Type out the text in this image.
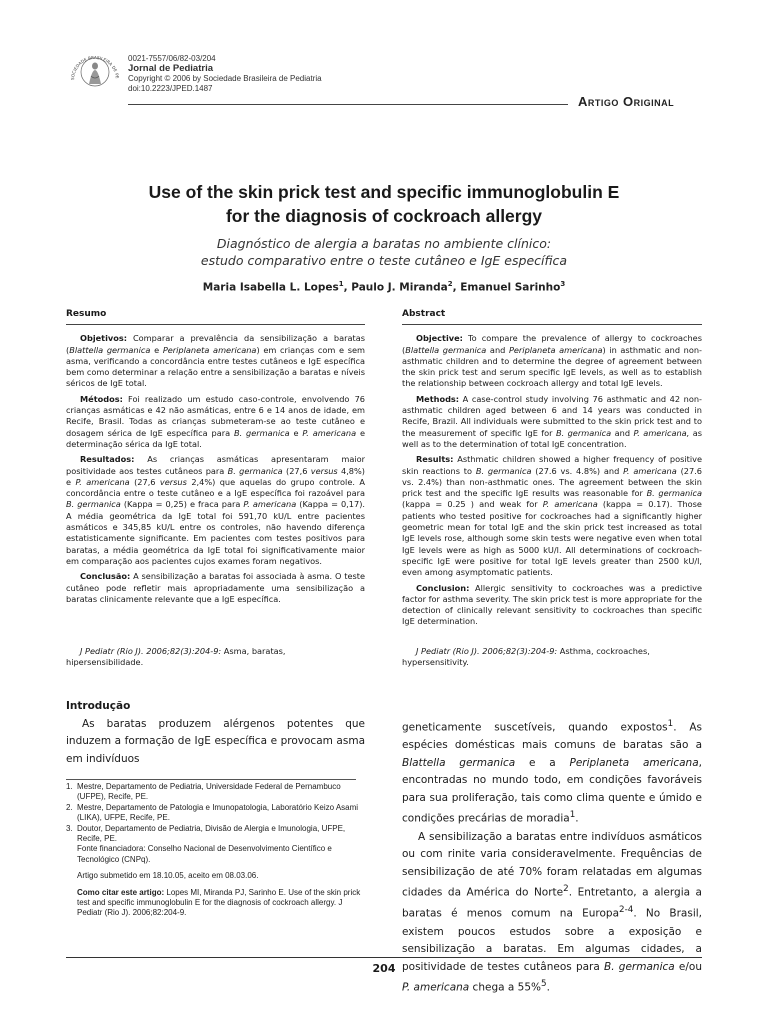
SOCIEDADE BRASILEIRA DE PE
0021-7557/06/82-03/204
Jornal de Pediatria
Copyright © 2006 by Sociedade Brasileira de Pediatria
doi:10.2223/JPED.1487
Artigo Original
Use of the skin prick test and specific immunoglobulin E
for the diagnosis of cockroach allergy
Diagnóstico de alergia a baratas no ambiente clínico:
estudo comparativo entre o teste cutâneo e IgE específica
Maria Isabella L. Lopes$^1$, Paulo J. Miranda$^2$, Emanuel Sarinho$^3$
Resumo

Objetivos: Comparar a prevalência da sensibilização a baratas (Blattella germanica e Periplaneta americana) em crianças com e sem asma, verificando a concordância entre testes cutâneos e IgE específica bem como determinar a relação entre a sensibilização a baratas e níveis séricos de IgE total.

Métodos: Foi realizado um estudo caso-controle, envolvendo 76 crianças asmáticas e 42 não asmáticas, entre 6 e 14 anos de idade, em Recife, Brasil. Todas as crianças submeteram-se ao teste cutâneo e dosagem sérica de IgE específica para B. germanica e P. americana e determinação sérica da IgE total.

Resultados: As crianças asmáticas apresentaram maior positividade aos testes cutâneos para B. germanica (27,6 versus 4,8%) e P. americana (27,6 versus 2,4%) que aquelas do grupo controle. A concordância entre o teste cutâneo e a IgE específica foi razoável para B. germanica (Kappa = 0,25) e fraca para P. americana (Kappa = 0,17). A média geométrica da IgE total foi 591,70 kU/L entre pacientes asmáticos e 345,85 kU/L entre os controles, não havendo diferença estatisticamente significante. Em pacientes com testes positivos para baratas, a média geométrica da IgE total foi significativamente maior em comparação aos pacientes cujos exames foram negativos.

Conclusão: A sensibilização a baratas foi associada à asma. O teste cutâneo pode refletir mais apropriadamente uma sensibilização a baratas clinicamente relevante que a IgE específica.

J Pediatr (Rio J). 2006;82(3):204-9: Asma, baratas, hipersensibilidade.

Abstract

Objective: To compare the prevalence of allergy to cockroaches (Blattella germanica and Periplaneta americana) in asthmatic and non-asthmatic children and to determine the degree of agreement between the skin prick test and serum specific IgE levels, as well as to establish the relationship between cockroach allergy and total IgE levels.

Methods: A case-control study involving 76 asthmatic and 42 non-asthmatic children aged between 6 and 14 years was conducted in Recife, Brazil. All individuals were submitted to the skin prick test and to the measurement of specific IgE for B. germanica and P. americana, as well as to the determination of total IgE concentration.

Results: Asthmatic children showed a higher frequency of positive skin reactions to B. germanica (27.6 vs. 4.8%) and P. americana (27.6 vs. 2.4%) than non-asthmatic ones. The agreement between the skin prick test and the specific IgE results was reasonable for B. germanica (kappa = 0.25 ) and weak for P. americana (kappa = 0.17). Those patients who tested positive for cockroaches had a significantly higher geometric mean for total IgE and the skin prick test increased as total IgE levels rose, although some skin tests were negative even when total IgE levels were as high as 5000 kU/l. All determinations of cockroach-specific IgE were positive for total IgE levels greater than 2500 kU/l, even among asymptomatic patients.

Conclusion: Allergic sensitivity to cockroaches was a predictive factor for asthma severity. The skin prick test is more appropriate for the detection of clinically relevant sensitivity to cockroaches than specific IgE determination.

J Pediatr (Rio J). 2006;82(3):204-9: Asthma, cockroaches, hypersensitivity.

Introdução

As baratas produzem alérgenos potentes que induzem a formação de IgE específica e provocam asma em indivíduos

geneticamente suscetíveis, quando expostos$^1$. As espécies domésticas mais comuns de baratas são a Blattella germanica e a Periplaneta americana, encontradas no mundo todo, em condições favoráveis para sua proliferação, tais como clima quente e úmido e condições precárias de moradia$^1$.

A sensibilização a baratas entre indivíduos asmáticos ou com rinite varia consideravelmente. Frequências de sensibilização de até 70% foram relatadas em algumas cidades da América do Norte$^2$. Entretanto, a alergia a baratas é menos comum na Europa$^{2-4}$. No Brasil, existem poucos estudos sobre a exposição e sensibilização a baratas. Em algumas cidades, a positividade de testes cutâneos para B. germanica e/ou P. americana chega a 55%$^5$.

1. Mestre, Departamento de Pediatria, Universidade Federal de Pernambuco (UFPE), Recife, PE.
2. Mestre, Departamento de Patologia e Imunopatologia, Laboratório Keizo Asami (LIKA), UFPE, Recife, PE.
3. Doutor, Departamento de Pediatria, Divisão de Alergia e Imunologia, UFPE, Recife, PE.
Fonte financiadora: Conselho Nacional de Desenvolvimento Científico e Tecnológico (CNPq).
Artigo submetido em 18.10.05, aceito em 08.03.06.
Como citar este artigo: Lopes MI, Miranda PJ, Sarinho E. Use of the skin prick test and specific immunoglobulin E for the diagnosis of cockroach allergy. J Pediatr (Rio J). 2006;82:204-9.
204
